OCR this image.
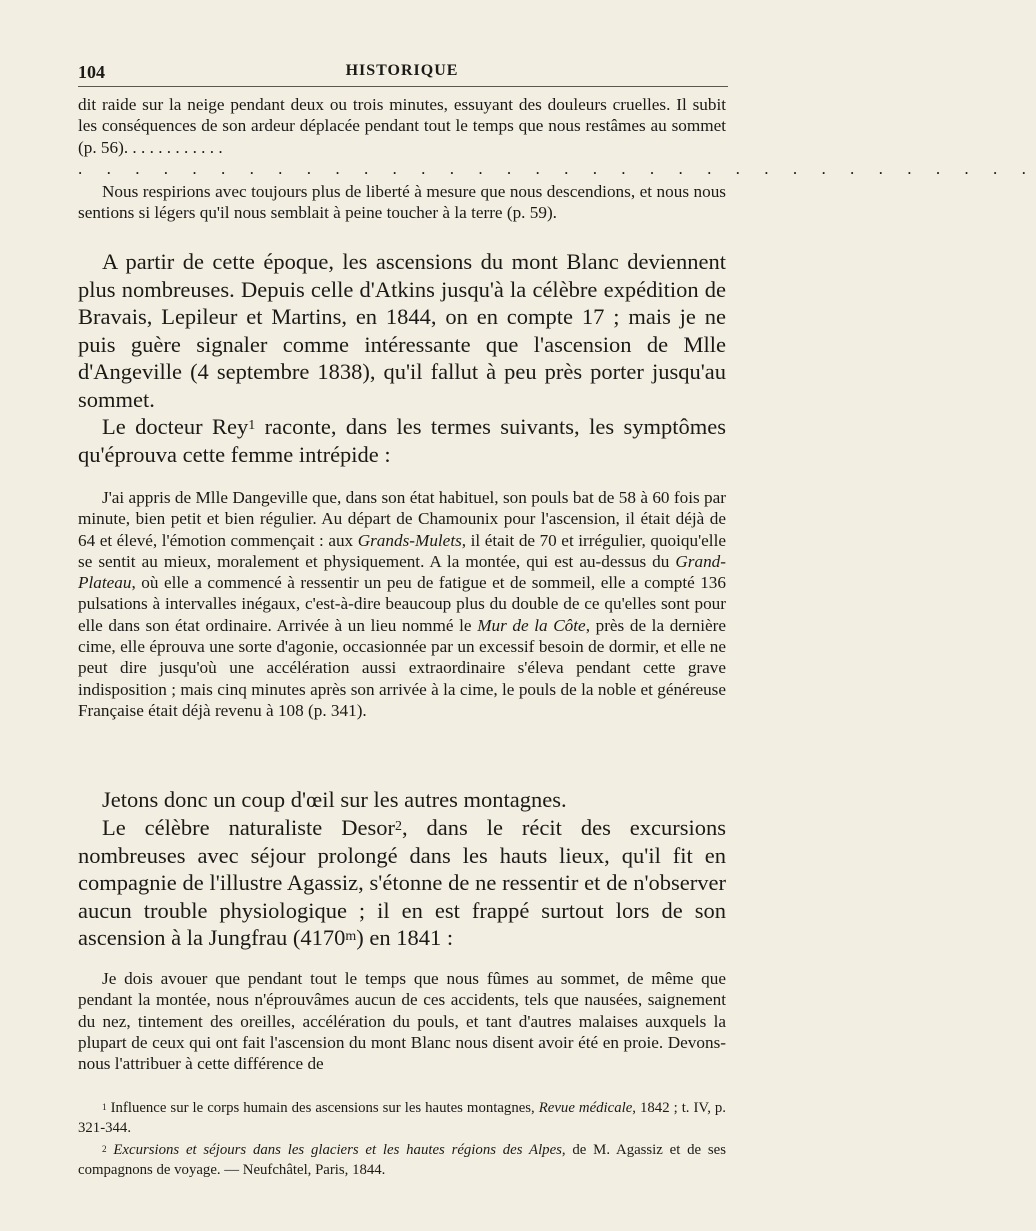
104	HISTORIQUE

dit raide sur la neige pendant deux ou trois minutes, essuyant des douleurs cruelles. Il subit les conséquences de son ardeur déplacée pendant tout le temps que nous restâmes au sommet (p. 56). . . . . . . . . . . .

. . . . . . . . . . . . . . . . . . . . . . . . . . . . . . . . . .

Nous respirions avec toujours plus de liberté à mesure que nous descendions, et nous nous sentions si légers qu'il nous semblait à peine toucher à la terre (p. 59).

A partir de cette époque, les ascensions du mont Blanc deviennent plus nombreuses. Depuis celle d'Atkins jusqu'à la célèbre expédition de Bravais, Lepileur et Martins, en 1844, on en compte 17 ; mais je ne puis guère signaler comme intéressante que l'ascension de Mlle d'Angeville (4 septembre 1838), qu'il fallut à peu près porter jusqu'au sommet.

Le docteur Rey$^1$ raconte, dans les termes suivants, les symptômes qu'éprouva cette femme intrépide :

J'ai appris de Mlle Dangeville que, dans son état habituel, son pouls bat de 58 à 60 fois par minute, bien petit et bien régulier. Au départ de Chamounix pour l'ascension, il était déjà de 64 et élevé, l'émotion commençait : aux Grands-Mulets, il était de 70 et irrégulier, quoiqu'elle se sentit au mieux, moralement et physiquement. A la montée, qui est au-dessus du Grand-Plateau, où elle a commencé à ressentir un peu de fatigue et de sommeil, elle a compté 136 pulsations à intervalles inégaux, c'est-à-dire beaucoup plus du double de ce qu'elles sont pour elle dans son état ordinaire. Arrivée à un lieu nommé le Mur de la Côte, près de la dernière cime, elle éprouva une sorte d'agonie, occasionnée par un excessif besoin de dormir, et elle ne peut dire jusqu'où une accélération aussi extraordinaire s'éleva pendant cette grave indisposition ; mais cinq minutes après son arrivée à la cime, le pouls de la noble et généreuse Française était déjà revenu à 108 (p. 341).

Jetons donc un coup d'œil sur les autres montagnes.

Le célèbre naturaliste Desor$^2$, dans le récit des excursions nombreuses avec séjour prolongé dans les hauts lieux, qu'il fit en compagnie de l'illustre Agassiz, s'étonne de ne ressentir et de n'observer aucun trouble physiologique ; il en est frappé surtout lors de son ascension à la Jungfrau (4170$^m$) en 1841 :

Je dois avouer que pendant tout le temps que nous fûmes au sommet, de même que pendant la montée, nous n'éprouvâmes aucun de ces accidents, tels que nausées, saignement du nez, tintement des oreilles, accélération du pouls, et tant d'autres malaises auxquels la plupart de ceux qui ont fait l'ascension du mont Blanc nous disent avoir été en proie. Devons-nous l'attribuer à cette différence de

$^1$ Influence sur le corps humain des ascensions sur les hautes montagnes, Revue médicale, 1842 ; t. IV, p. 321-344.

$^2$ Excursions et séjours dans les glaciers et les hautes régions des Alpes, de M. Agassiz et de ses compagnons de voyage. — Neufchâtel, Paris, 1844.
